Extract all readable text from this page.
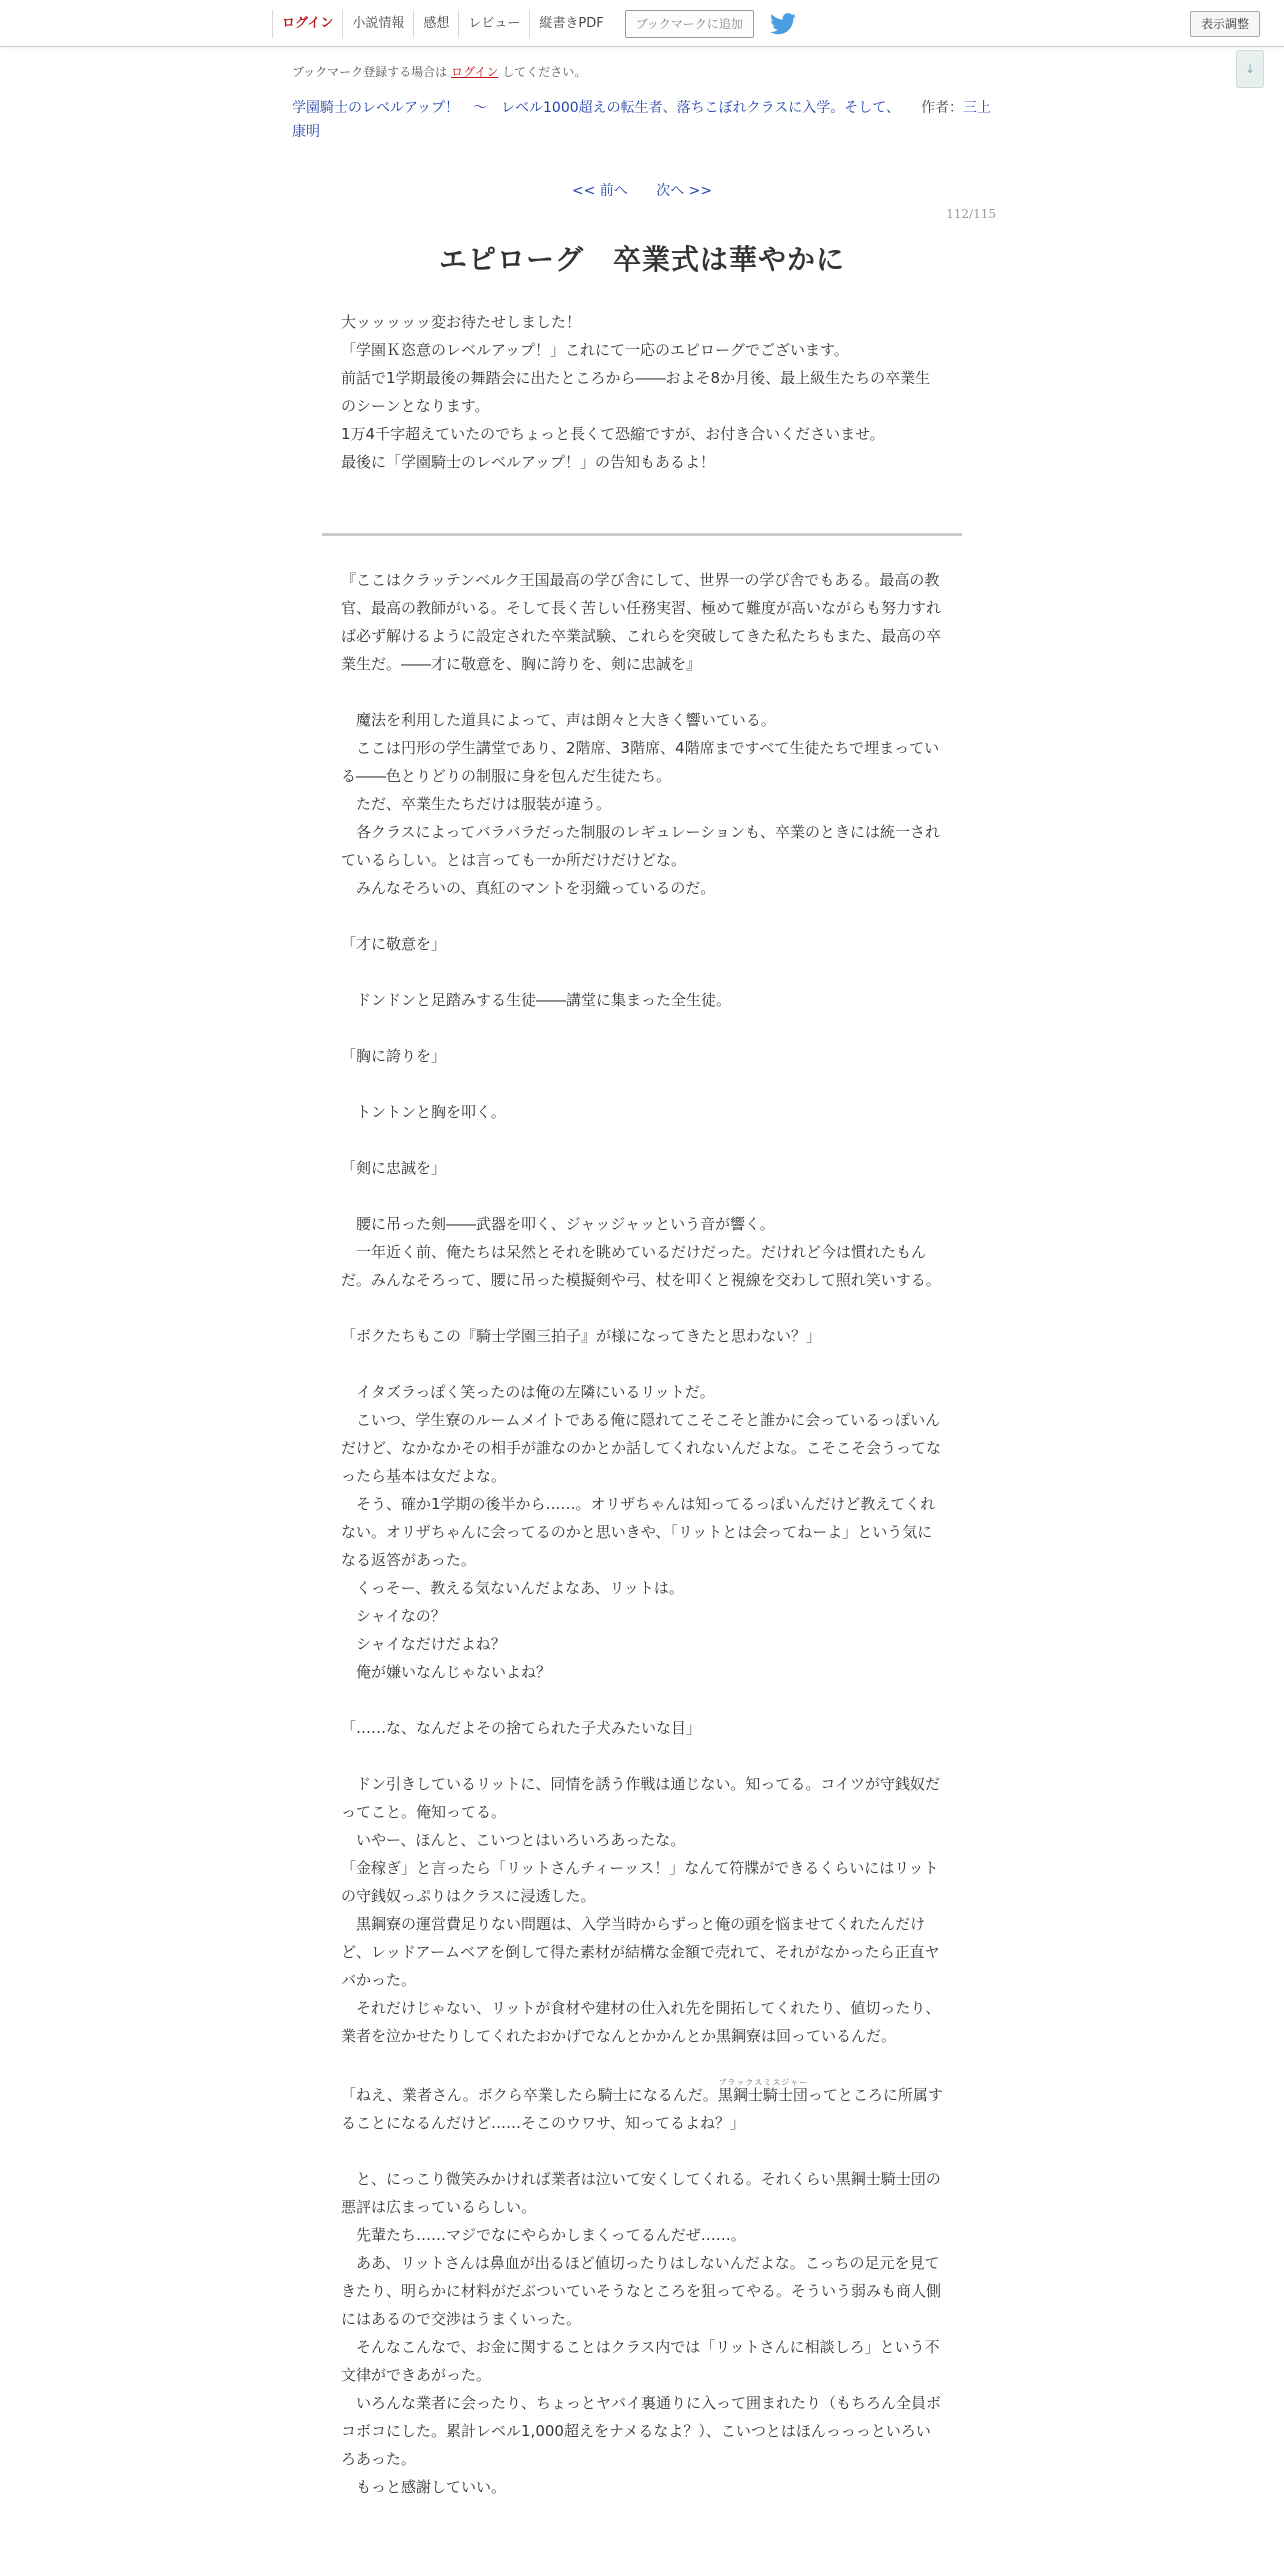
ログイン	小説情報	感想	レビュー	縦書きPDF	ブックマークに追加	表示調整
↓
ブックマーク登録する場合は ログイン してください。
学園騎士のレベルアップ！　〜　レベル1000超えの転生者、落ちこぼれクラスに入学。そして、　　 作者：三上康明
<< 前へ 次へ >>
112/115
エピローグ　卒業式は華やかに

大ッッッッッ変お待たせしました！

「学園Ｋ恣意のレベルアップ！」これにて一応のエピローグでございます。

前話で1学期最後の舞踏会に出たところから――およそ8か月後、最上級生たちの卒業生のシーンとなります。

1万4千字超えていたのでちょっと長くて恐縮ですが、お付き合いくださいませ。

最後に「学園騎士のレベルアップ！」の告知もあるよ！

『ここはクラッテンベルク王国最高の学び舎にして、世界一の学び舎でもある。最高の教官、最高の教師がいる。そして長く苦しい任務実習、極めて難度が高いながらも努力すれば必ず解けるように設定された卒業試験、これらを突破してきた私たちもまた、最高の卒業生だ。――才に敬意を、胸に誇りを、剣に忠誠を』

　魔法を利用した道具によって、声は朗々と大きく響いている。

　ここは円形の学生講堂であり、2階席、3階席、4階席まですべて生徒たちで埋まっている――色とりどりの制服に身を包んだ生徒たち。

　ただ、卒業生たちだけは服装が違う。

　各クラスによってバラバラだった制服のレギュレーションも、卒業のときには統一されているらしい。とは言っても一か所だけだけどな。

　みんなそろいの、真紅のマントを羽織っているのだ。

「才に敬意を」

　ドンドンと足踏みする生徒――講堂に集まった全生徒。

「胸に誇りを」

　トントンと胸を叩く。

「剣に忠誠を」

　腰に吊った剣――武器を叩く、ジャッジャッという音が響く。

　一年近く前、俺たちは呆然とそれを眺めているだけだった。だけれど今は慣れたもんだ。みんなそろって、腰に吊った模擬剣や弓、杖を叩くと視線を交わして照れ笑いする。

「ボクたちもこの『騎士学園三拍子』が様になってきたと思わない？」

　イタズラっぽく笑ったのは俺の左隣にいるリットだ。

　こいつ、学生寮のルームメイトである俺に隠れてこそこそと誰かに会っているっぽいんだけど、なかなかその相手が誰なのかとか話してくれないんだよな。こそこそ会うってなったら基本は女だよな。

　そう、確か1学期の後半から……。オリザちゃんは知ってるっぽいんだけど教えてくれない。オリザちゃんに会ってるのかと思いきや、「リットとは会ってねーよ」という気になる返答があった。

　くっそー、教える気ないんだよなあ、リットは。

　シャイなの？

　シャイなだけだよね？

　俺が嫌いなんじゃないよね？

「……な、なんだよその捨てられた子犬みたいな目」

　ドン引きしているリットに、同情を誘う作戦は通じない。知ってる。コイツが守銭奴だってこと。俺知ってる。

　いやー、ほんと、こいつとはいろいろあったな。

「金稼ぎ」と言ったら「リットさんチィーッス！」なんて符牒ができるくらいにはリットの守銭奴っぷりはクラスに浸透した。

　黒鋼寮の運営費足りない問題は、入学当時からずっと俺の頭を悩ませてくれたんだけど、レッドアームベアを倒して得た素材が結構な金額で売れて、それがなかったら正直ヤバかった。

　それだけじゃない、リットが食材や建材の仕入れ先を開拓してくれたり、値切ったり、業者を泣かせたりしてくれたおかげでなんとかかんとか黒鋼寮は回っているんだ。

「ねえ、業者さん。ボクら卒業したら騎士になるんだ。黒鋼士騎士団ブラックスミスジャーってところに所属することになるんだけど……そこのウワサ、知ってるよね？」

　と、にっこり微笑みかければ業者は泣いて安くしてくれる。それくらい黒鋼士騎士団の悪評は広まっているらしい。

　先輩たち……マジでなにやらかしまくってるんだぜ……。

　ああ、リットさんは鼻血が出るほど値切ったりはしないんだよな。こっちの足元を見てきたり、明らかに材料がだぶついていそうなところを狙ってやる。そういう弱みも商人側にはあるので交渉はうまくいった。

　そんなこんなで、お金に関することはクラス内では「リットさんに相談しろ」という不文律ができあがった。

　いろんな業者に会ったり、ちょっとヤバイ裏通りに入って囲まれたり（もちろん全員ボコボコにした。累計レベル1,000超えをナメるなよ？）、こいつとはほんっっっといろいろあった。

　もっと感謝していい。
